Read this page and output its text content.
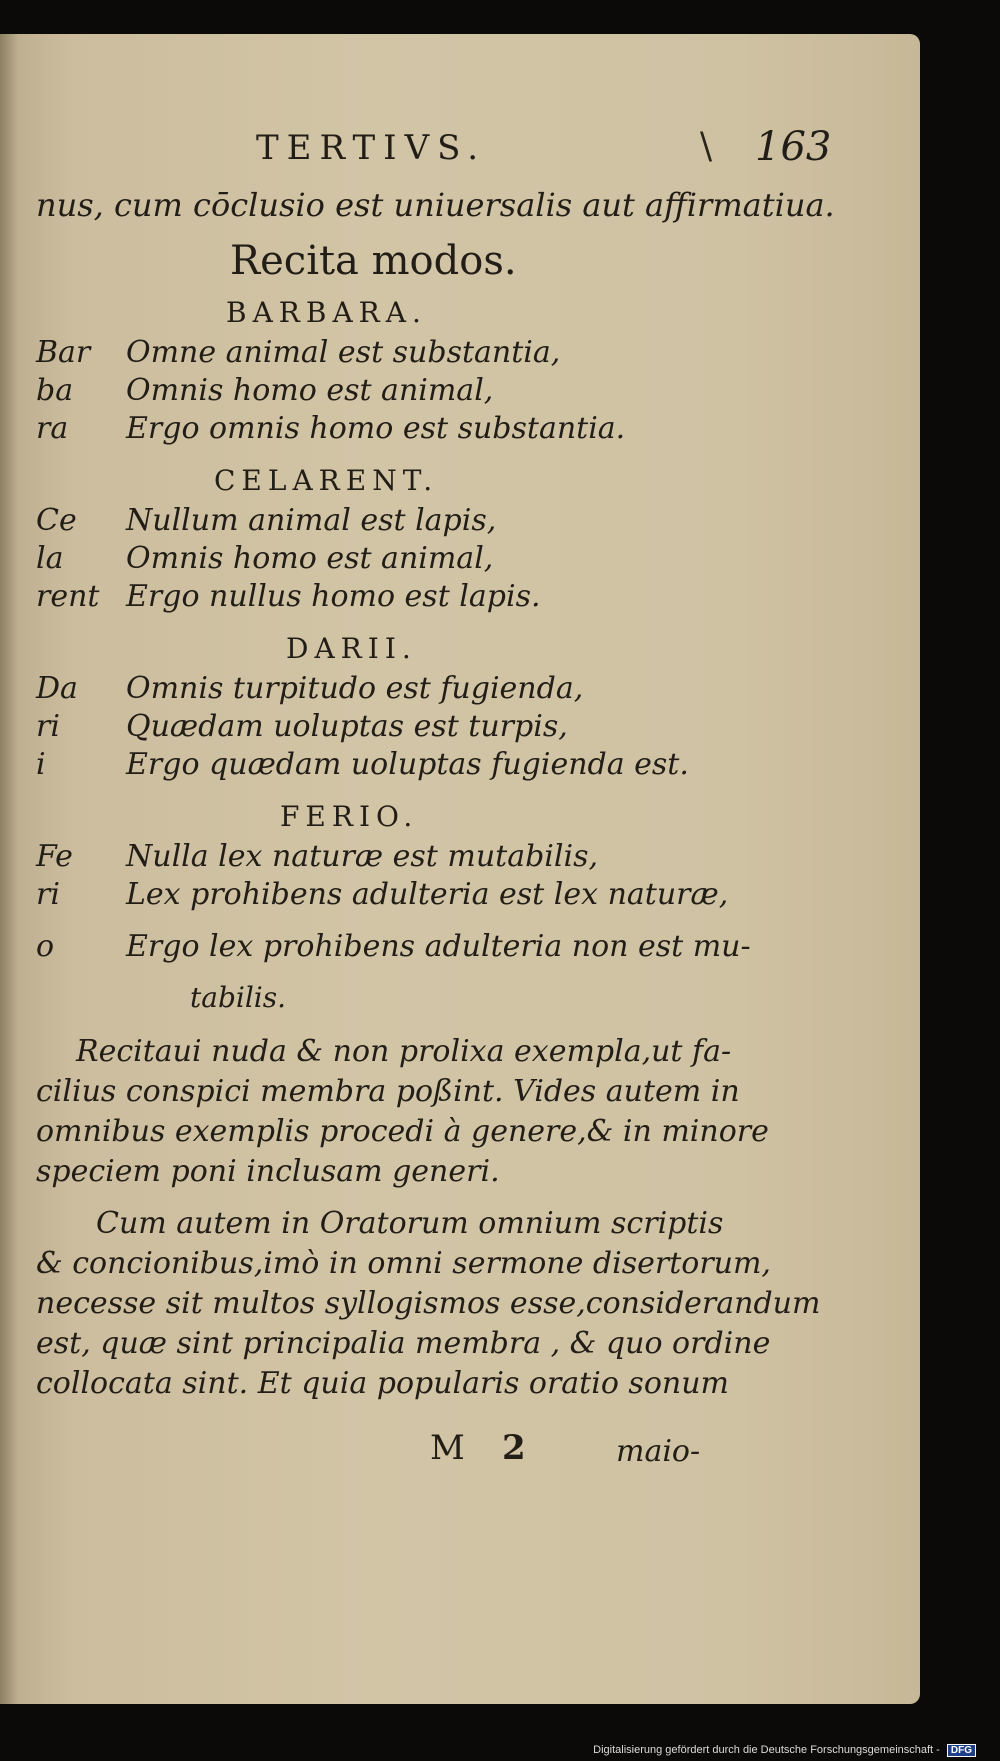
TERTIVS.	\ 163
nus, cum cōclusio est uniuersalis aut affirmatiua.
Recita modos.
BARBARA.
Bar Omne animal est substantia,
ba Omnis homo est animal,
ra Ergo omnis homo est substantia.
CELARENT.
Ce Nullum animal est lapis,
la Omnis homo est animal,
rent Ergo nullus homo est lapis.
DARII.
Da Omnis turpitudo est fugienda,
ri Quædam uoluptas est turpis,
i	Ergo quædam uoluptas fugienda est.
FERIO.
Fe Nulla lex naturæ est mutabilis,
ri Lex prohibens adulteria est lex naturæ,
o Ergo lex prohibens adulteria non est mu-
tabilis.
Recitaui nuda & non prolixa exempla,ut fa-
cilius conspici membra poßint. Vides autem in
omnibus exemplis procedi à genere,& in minore
speciem poni inclusam generi.
Cum autem in Oratorum omnium scriptis
& concionibus,imò in omni sermone disertorum,
necesse sit multos syllogismos esse,considerandum
est, quæ sint principalia membra , & quo ordine
collocata sint. Et quia popularis oratio sonum
M 2	maio-
Digitalisierung gefördert durch die Deutsche Forschungsgemeinschaft - DFG
